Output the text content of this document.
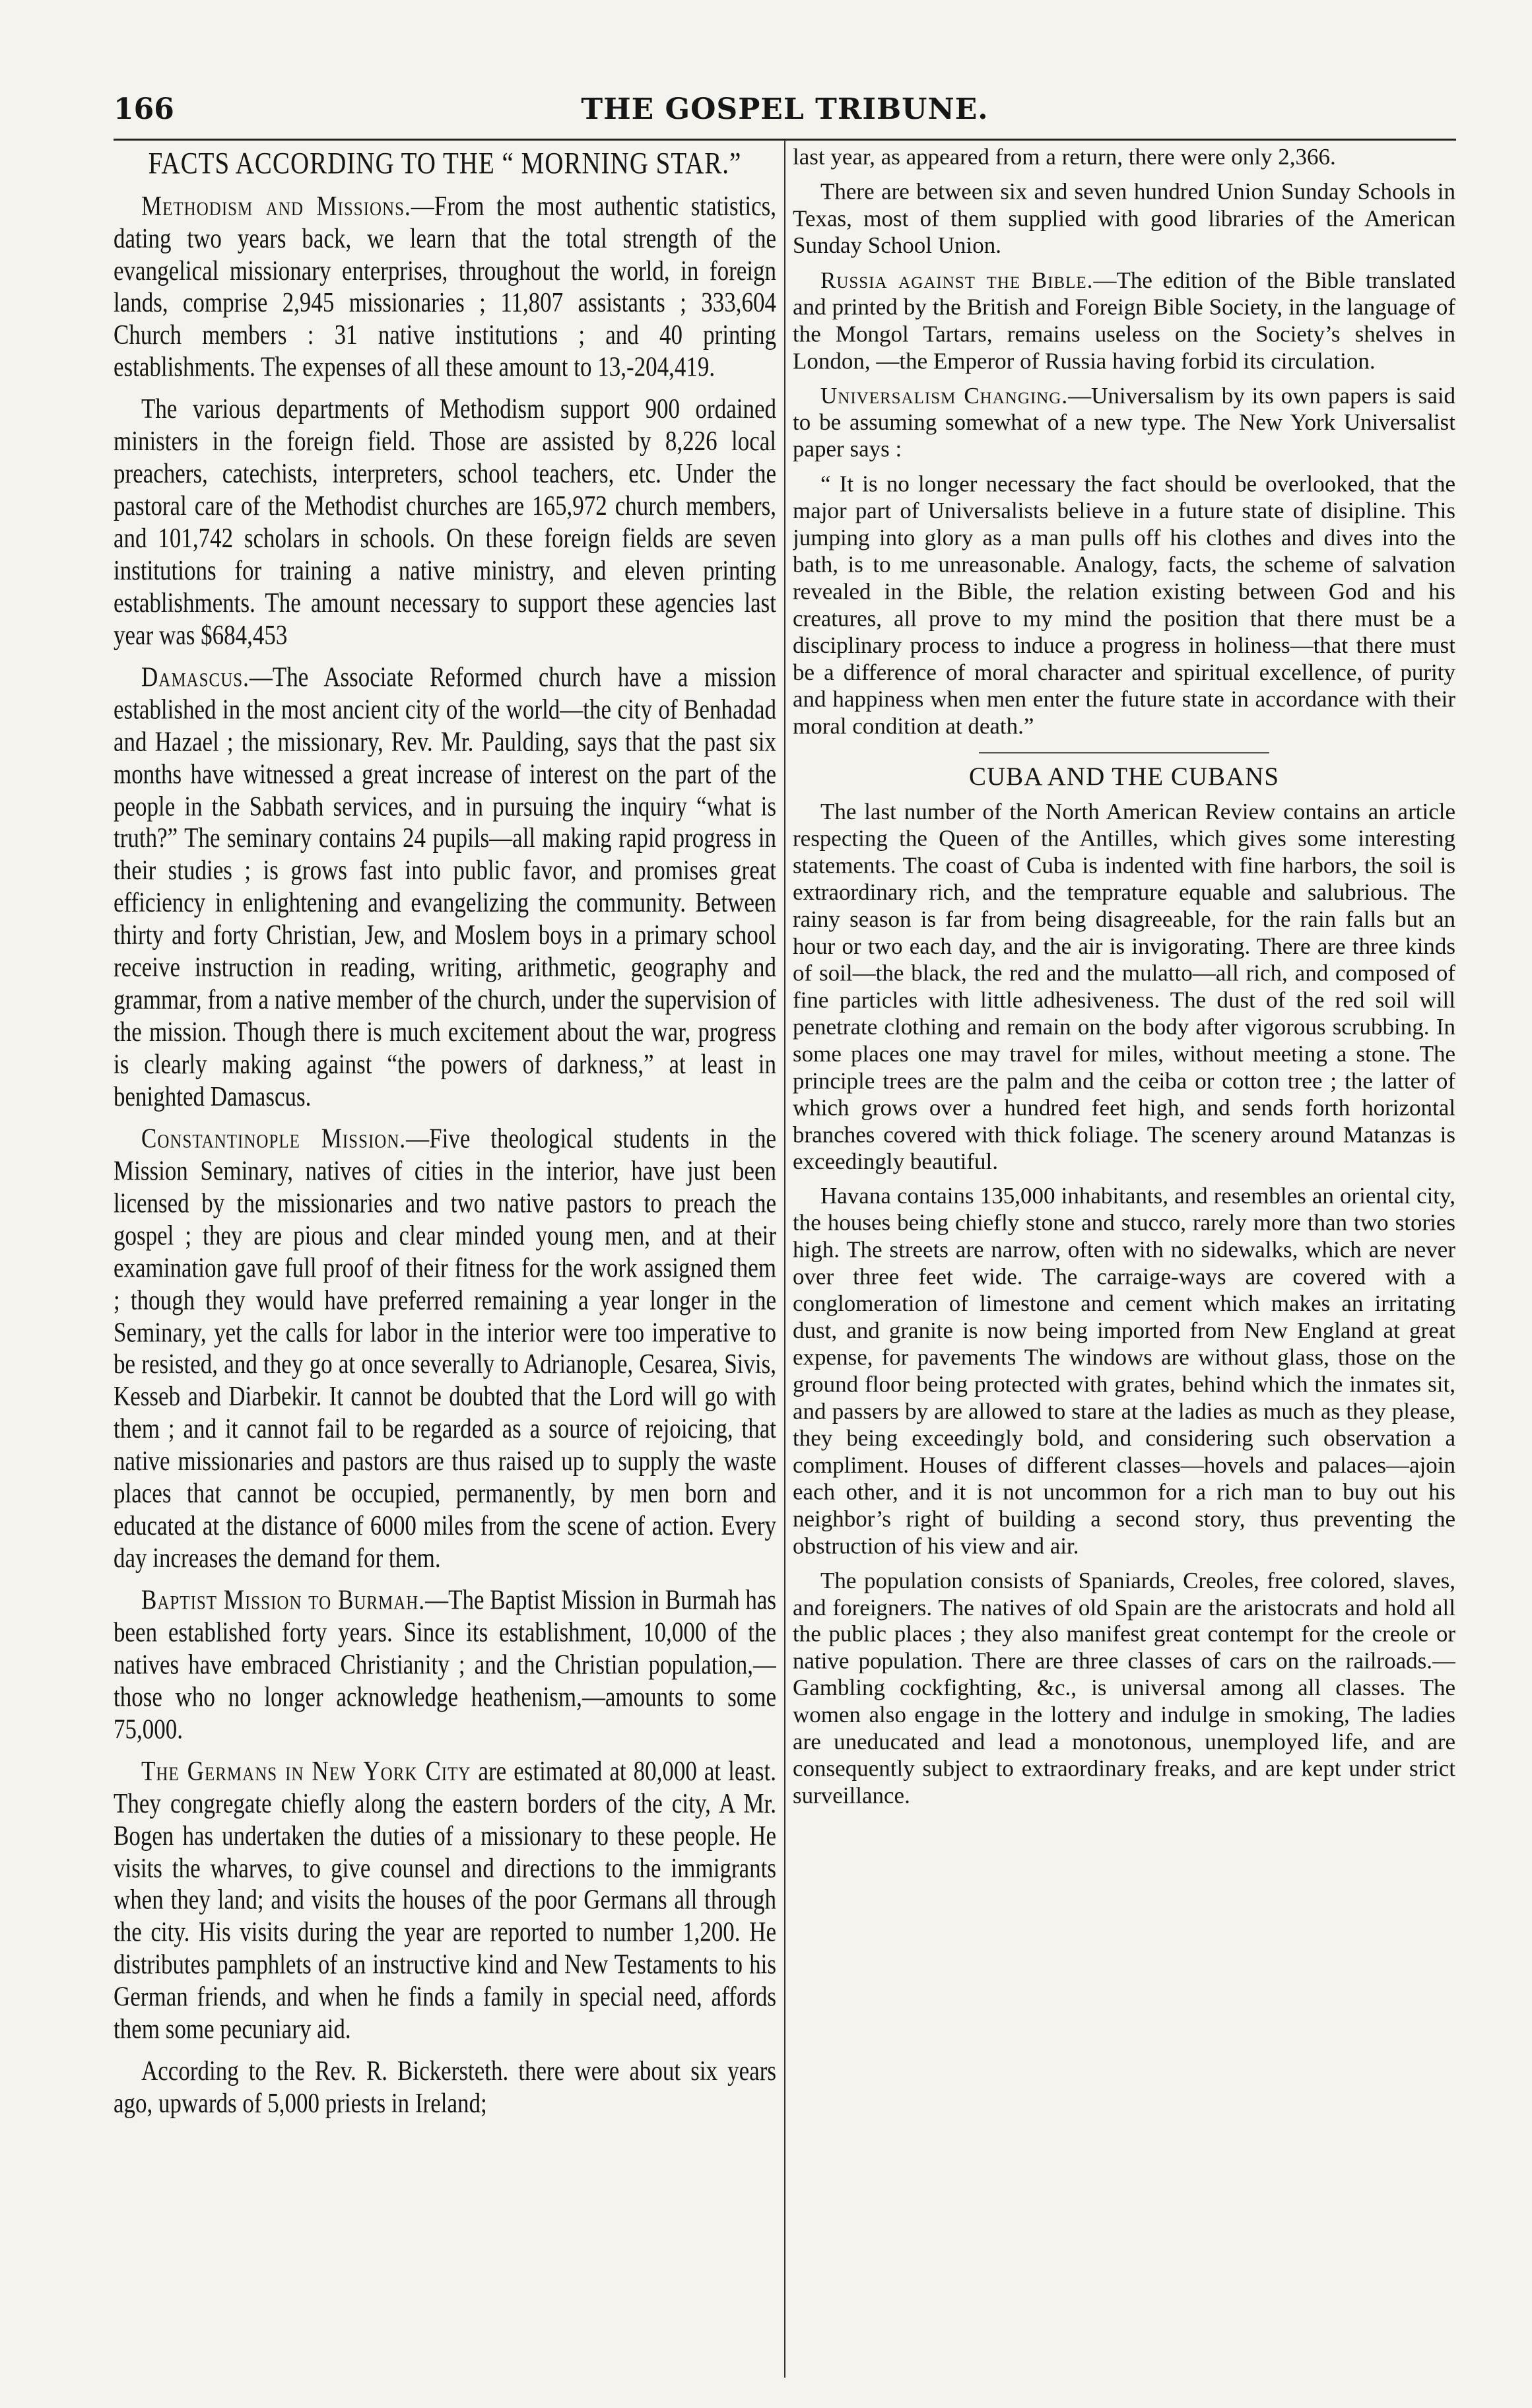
166	THE GOSPEL TRIBUNE.
FACTS ACCORDING TO THE “ MORNING STAR.”

Methodism and Missions.—From the most authentic statistics, dating two years back, we learn that the total strength of the evangelical missionary enterprises, throughout the world, in foreign lands, comprise 2,945 missionaries ; 11,807 assistants ; 333,604 Church members : 31 native institutions ; and 40 printing establishments. The expenses of all these amount to 13,-204,419.

The various departments of Methodism support 900 ordained ministers in the foreign field. Those are assisted by 8,226 local preachers, catechists, interpreters, school teachers, etc. Under the pastoral care of the Methodist churches are 165,972 church members, and 101,742 scholars in schools. On these foreign fields are seven institutions for training a native ministry, and eleven printing establishments. The amount necessary to support these agencies last year was $684,453

Damascus.—The Associate Reformed church have a mission established in the most ancient city of the world—the city of Benhadad and Hazael ; the missionary, Rev. Mr. Paulding, says that the past six months have witnessed a great increase of interest on the part of the people in the Sabbath services, and in pursuing the inquiry “what is truth?” The seminary contains 24 pupils—all making rapid progress in their studies ; is grows fast into public favor, and promises great efficiency in enlightening and evangelizing the community. Between thirty and forty Christian, Jew, and Moslem boys in a primary school receive instruction in reading, writing, arithmetic, geography and grammar, from a native member of the church, under the supervision of the mission. Though there is much excitement about the war, progress is clearly making against “the powers of darkness,” at least in benighted Damascus.

Constantinople Mission.—Five theological students in the Mission Seminary, natives of cities in the interior, have just been licensed by the missionaries and two native pastors to preach the gospel ; they are pious and clear minded young men, and at their examination gave full proof of their fitness for the work assigned them ; though they would have preferred remaining a year longer in the Seminary, yet the calls for labor in the interior were too imperative to be resisted, and they go at once severally to Adrianople, Cesarea, Sivis, Kesseb and Diarbekir. It cannot be doubted that the Lord will go with them ; and it cannot fail to be regarded as a source of rejoicing, that native missionaries and pastors are thus raised up to supply the waste places that cannot be occupied, permanently, by men born and educated at the distance of 6000 miles from the scene of action. Every day increases the demand for them.

Baptist Mission to Burmah.—The Baptist Mission in Burmah has been established forty years. Since its establishment, 10,000 of the natives have embraced Christianity ; and the Christian population,—those who no longer acknowledge heathenism,—amounts to some 75,000.

The Germans in New York City are estimated at 80,000 at least. They congregate chiefly along the eastern borders of the city, A Mr. Bogen has undertaken the duties of a missionary to these people. He visits the wharves, to give counsel and directions to the immigrants when they land; and visits the houses of the poor Germans all through the city. His visits during the year are reported to number 1,200. He distributes pamphlets of an instructive kind and New Testaments to his German friends, and when he finds a family in special need, affords them some pecuniary aid.

According to the Rev. R. Bickersteth. there were about six years ago, upwards of 5,000 priests in Ireland;

last year, as appeared from a return, there were only 2,366.

There are between six and seven hundred Union Sunday Schools in Texas, most of them supplied with good libraries of the American Sunday School Union.

Russia against the Bible.—The edition of the Bible translated and printed by the British and Foreign Bible Society, in the language of the Mongol Tartars, remains useless on the Society’s shelves in London, —the Emperor of Russia having forbid its circulation.

Universalism Changing.—Universalism by its own papers is said to be assuming somewhat of a new type. The New York Universalist paper says :

“ It is no longer necessary the fact should be overlooked, that the major part of Universalists believe in a future state of disipline. This jumping into glory as a man pulls off his clothes and dives into the bath, is to me unreasonable. Analogy, facts, the scheme of salvation revealed in the Bible, the relation existing between God and his creatures, all prove to my mind the position that there must be a disciplinary process to induce a progress in holiness—that there must be a difference of moral character and spiritual excellence, of purity and happiness when men enter the future state in accordance with their moral condition at death.”
CUBA AND THE CUBANS

The last number of the North American Review contains an article respecting the Queen of the Antilles, which gives some interesting statements. The coast of Cuba is indented with fine harbors, the soil is extraordinary rich, and the temprature equable and salubrious. The rainy season is far from being disagreeable, for the rain falls but an hour or two each day, and the air is invigorating. There are three kinds of soil—the black, the red and the mulatto—all rich, and composed of fine particles with little adhesiveness. The dust of the red soil will penetrate clothing and remain on the body after vigorous scrubbing. In some places one may travel for miles, without meeting a stone. The principle trees are the palm and the ceiba or cotton tree ; the latter of which grows over a hundred feet high, and sends forth horizontal branches covered with thick foliage. The scenery around Matanzas is exceedingly beautiful.

Havana contains 135,000 inhabitants, and resembles an oriental city, the houses being chiefly stone and stucco, rarely more than two stories high. The streets are narrow, often with no sidewalks, which are never over three feet wide. The carraige-ways are covered with a conglomeration of limestone and cement which makes an irritating dust, and granite is now being imported from New England at great expense, for pavements The windows are without glass, those on the ground floor being protected with grates, behind which the inmates sit, and passers by are allowed to stare at the ladies as much as they please, they being exceedingly bold, and considering such observation a compliment. Houses of different classes—hovels and palaces—ajoin each other, and it is not uncommon for a rich man to buy out his neighbor’s right of building a second story, thus preventing the obstruction of his view and air.

The population consists of Spaniards, Creoles, free colored, slaves, and foreigners. The natives of old Spain are the aristocrats and hold all the public places ; they also manifest great contempt for the creole or native population. There are three classes of cars on the railroads.—Gambling cockfighting, &c., is universal among all classes. The women also engage in the lottery and indulge in smoking, The ladies are uneducated and lead a monotonous, unemployed life, and are consequently subject to extraordinary freaks, and are kept under strict surveillance.
